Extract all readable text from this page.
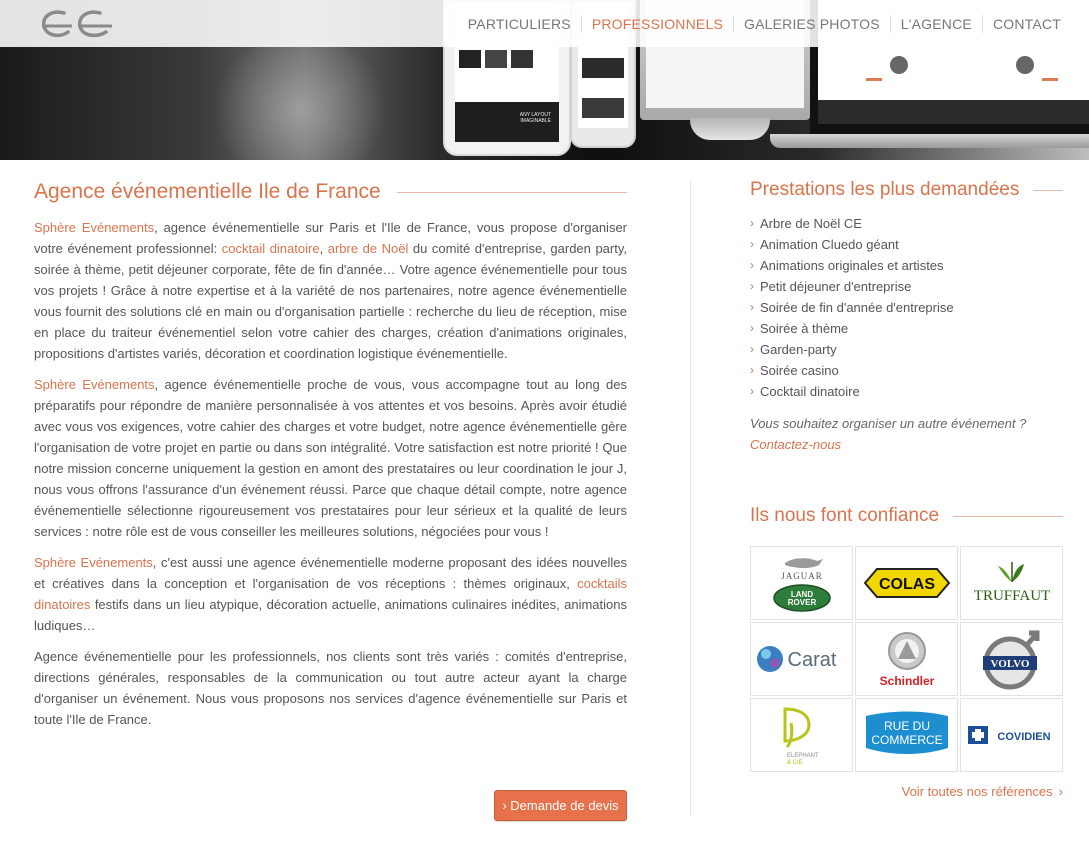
ANY LAYOUT
IMAGINABLE
PARTICULIERS	PROFESSIONNELS	GALERIES PHOTOS	L'AGENCE	CONTACT
Agence événementielle Ile de France

Sphère Evénements, agence événementielle sur Paris et l'Ile de France, vous propose d'organiser votre événement professionnel: cocktail dinatoire, arbre de Noël du comité d'entreprise, garden party, soirée à thème, petit déjeuner corporate, fête de fin d'année… Votre agence événementielle pour tous vos projets ! Grâce à notre expertise et à la variété de nos partenaires, notre agence événementielle vous fournit des solutions clé en main ou d'organisation partielle : recherche du lieu de réception, mise en place du traiteur événementiel selon votre cahier des charges, création d'animations originales, propositions d'artistes variés, décoration et coordination logistique événementielle.

Sphère Evénements, agence événementielle proche de vous, vous accompagne tout au long des préparatifs pour répondre de manière personnalisée à vos attentes et vos besoins. Après avoir étudié avec vous vos exigences, votre cahier des charges et votre budget, notre agence événementielle gère l'organisation de votre projet en partie ou dans son intégralité. Votre satisfaction est notre priorité ! Que notre mission concerne uniquement la gestion en amont des prestataires ou leur coordination le jour J, nous vous offrons l'assurance d'un événement réussi. Parce que chaque détail compte, notre agence événementielle sélectionne rigoureusement vos prestataires pour leur sérieux et la qualité de leurs services : notre rôle est de vous conseiller les meilleures solutions, négociées pour vous !

Sphère Evénements, c'est aussi une agence événementielle moderne proposant des idées nouvelles et créatives dans la conception et l'organisation de vos réceptions : thèmes originaux, cocktails dinatoires festifs dans un lieu atypique, décoration actuelle, animations culinaires inédites, animations ludiques…

Agence événementielle pour les professionnels, nos clients sont très variés : comités d'entreprise, directions générales, responsables de la communication ou tout autre acteur ayant la charge d'organiser un événement. Nous vous proposons nos services d'agence événementielle sur Paris et toute l'Ile de France.

› Demande de devis
Prestations les plus demandées
› Arbre de Noël CE
› Animation Cluedo géant
› Animations originales et artistes
› Petit déjeuner d'entreprise
› Soirée de fin d'année d'entreprise
› Soirée à thème
› Garden-party
› Soirée casino
› Cocktail dinatoire
Vous souhaitez organiser un autre événement ?
Contactez-nous
Ils nous font confiance
JAGUAR
LAND
ROVER
COLAS
TRUFFAUT
Carat
Schindler
VOLVO
ELEPHANT
& CIE
RUE DU
COMMERCE	COVIDIEN
Voir toutes nos références ›
